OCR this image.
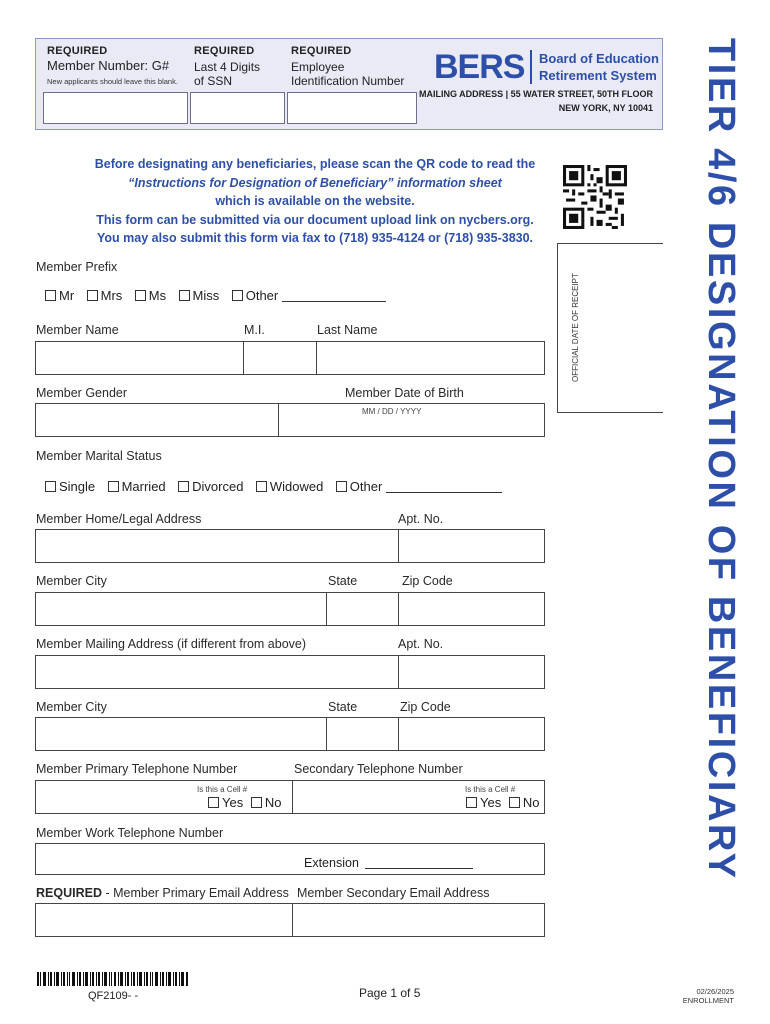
REQUIRED
Member Number: G#
New applicants should leave this blank.
REQUIRED
Last 4 Digits
of SSN
REQUIRED
Employee
Identification Number BERS Board of Education
Retirement System
MAILING ADDRESS | 55 WATER STREET, 50TH FLOOR
NEW YORK, NY 10041 TIER 4/6 DESIGNATION OF BENEFICIARY
Before designating any beneficiaries, please scan the QR code to read the
“Instructions for Designation of Beneficiary” information sheet
which is available on the website.
This form can be submitted via our document upload link on nycbers.org.
You may also submit this form via fax to (718) 935-4124 or (718) 935-3830.
OFFICIAL DATE OF RECEIPT
Member Prefix
Mr Mrs Ms Miss Other
Member Name	M.I.	Last Name
Member Gender	Member Date of Birth
MM / DD / YYYY
Member Marital Status
Single Married Divorced Widowed Other
Member Home/Legal Address	Apt. No.
Member City	State	Zip Code
Member Mailing Address (if different from above)	Apt. No.
Member City	State	Zip Code
Member Primary Telephone Number	Secondary Telephone Number
Is this a Cell #
Yes No
Is this a Cell #
Yes No
Member Work Telephone Number
Extension
REQUIRED - Member Primary Email Address Member Secondary Email Address
QF2109- -	Page 1 of 5	02/26/2025
ENROLLMENT
